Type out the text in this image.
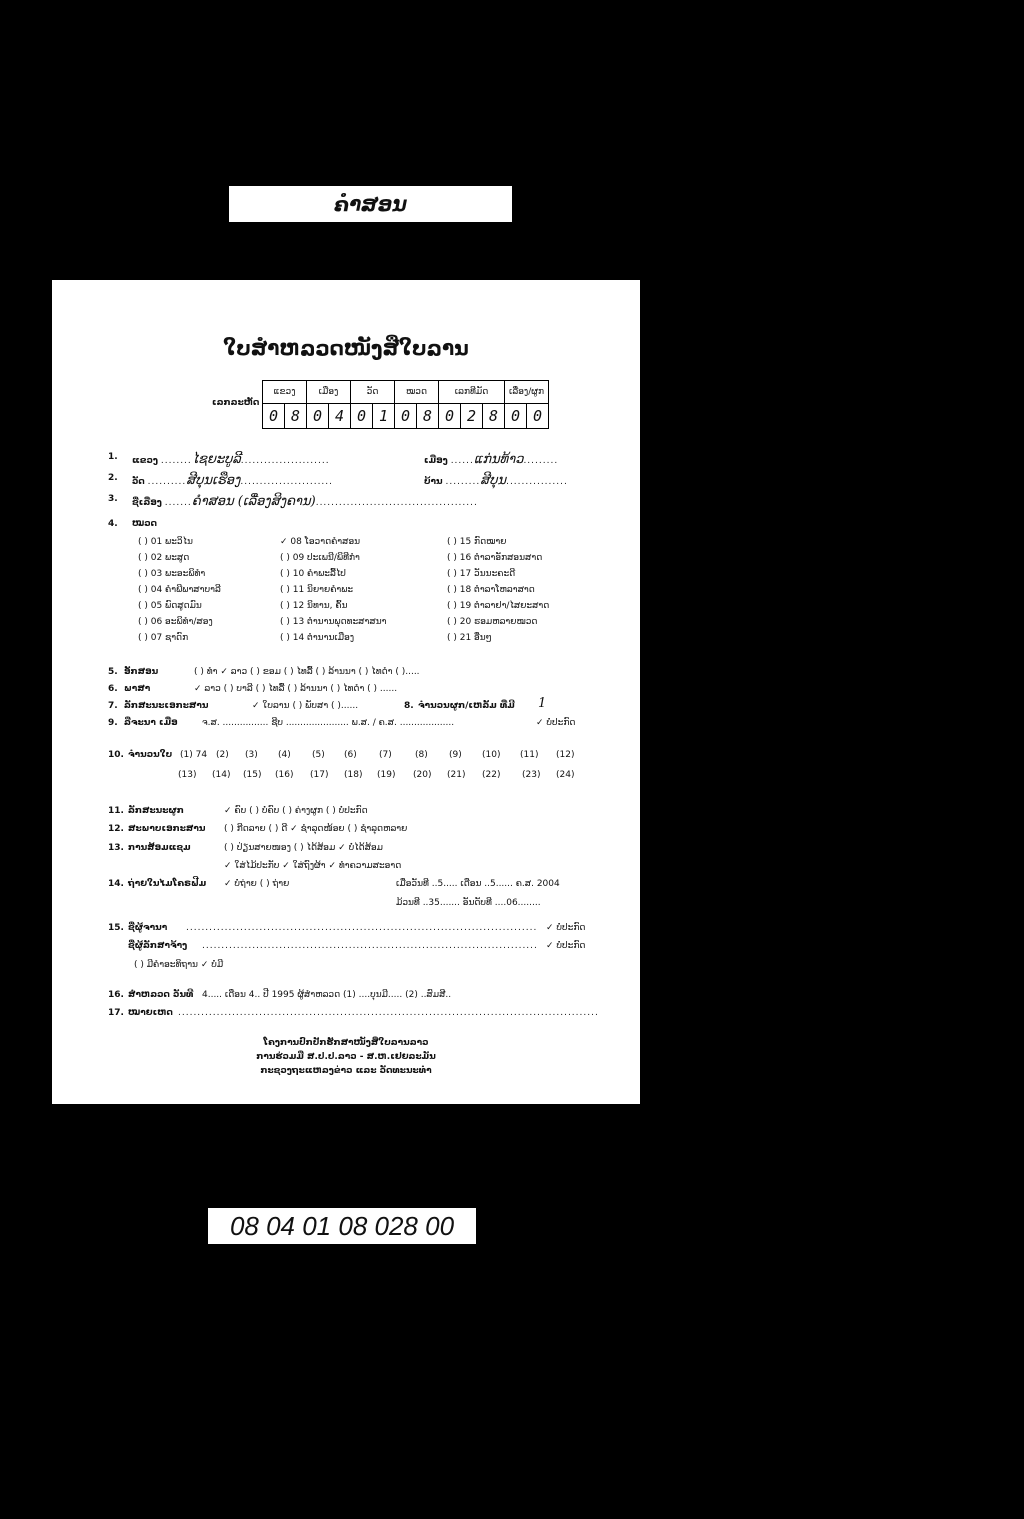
ຄຳສອນ
ໃບສຳຫລວດໜັງສືໃບລານ
ເລກລະຫັດ
ແຂວງ		ເມືອງ		ວັດ		ໝວດ		ເລກທີມັດ			ເລື່ອງ/ຜູກ	
0	8	0	4	0	1	0	8	0	2	8	0	0
1. ແຂວງ ........ໄຊຍະບູລີ.......................	ເມືອງ ......ແກ່ນທ້າວ.........
2. ວັດ ..........ສີບຸນເຮືອງ........................	ບ້ານ .........ສີບຸນ................
3. ຊື່ເລື່ອງ .......ຄຳສອນ (ເລື່ອງສິງຄານ)..........................................
4. ໝວດ
( ) 01 ພະວິໄນ	✓ 08 ໂອວາດຄຳສອນ	( ) 15 ກົດໝາຍ
( ) 02 ພະສູດ	( ) 09 ປະເພນີ/ພິທີກຳ	( ) 16 ຕຳລາອັກສອນສາດ
( ) 03 ພະອະພິທຳ	( ) 10 ຄຳພະລື້ໄປ	( ) 17 ວັນນະຄະດີ
( ) 04 ຄຳພີພາສາບາລີ	( ) 11 ນິຍາຍຄຳພະ	( ) 18 ຕຳລາໂຫລາສາດ
( ) 05 ພົດສູດມົນ	( ) 12 ນິທານ, ຄົ້ນ	( ) 19 ຕຳລາຢາ/ໄສຍະສາດ
( ) 06 ອະພິທຳ/ສອງ	( ) 13 ຕຳນານພຸດທະສາສນາ	( ) 20 ຮອມຫລາຍໝວດ
( ) 07 ຊາດົກ	( ) 14 ຕຳນານເມືອງ	( ) 21 ອື່ນໆ
5. ອັກສອນ	( ) ທຳ ✓ ລາວ ( ) ຂອມ ( ) ໄທລື້ ( ) ລ້ານນາ ( ) ໄທດຳ ( ).....
6. ພາສາ	✓ ລາວ ( ) ບາລີ ( ) ໄທລື້ ( ) ລ້ານນາ ( ) ໄທດຳ ( ) ......
7. ລັກສະນະເອກະສານ	✓ ໃບລານ ( ) ພັບສາ ( )......	8. ຈຳນວນຜູກ/ເຫລັ້ມ ທີ່ມີ 1
9. ລືຈະນາ ເມື່ອ	ຈ.ສ. ................ ຊີບ ...................... ພ.ສ. / ຄ.ສ. ...................	✓ ບໍ່ປະກົດ
10. ຈຳນວນໃບ (1) 74 (2) (3) (4) (5) (6) (7)	(8) (9) (10) (11) (12)
(13) (14) (15) (16) (17) (18) (19) (20) (21) (22) (23) (24)
11. ລັກສະນະຜູກ	✓ ຄົບ ( ) ບໍ່ຄົບ ( ) ຄ່າງຜູກ ( ) ບໍ່ປະກົດ
12. ສະພາບເອກະສານ ( ) ກີດລາຍ ( ) ດີ ✓ ຊຳລຸດໜ້ອຍ ( ) ຊຳລຸດຫລາຍ
13. ການສ້ອມແຊມ	( ) ປ່ຽນສາຍໜອງ ( ) ໄດ້ສ້ອມ ✓ ບໍ່ໄດ້ສ້ອມ
✓ ໃສ່ໄມ້ປະກັບ ✓ ໃສ່ຖົງຜ້າ ✓ ທຳຄວາມສະອາດ
14. ຖ່າຍໃນໄມໂຄຣຟີມ ✓ ບໍ່ຖ່າຍ ( ) ຖ່າຍ	ເມື່ອວັນທີ ..5..... ເດືອນ ..5...... ຄ.ສ. 2004
ມ້ວນທີ ..35....... ອັນດັບທີ ....06........
15. ຊື່ຜູ້ຈານາ ........................................................................................... ✓ ບໍ່ປະກົດ
ຊື່ຜູ້ລັກສາຈ້າງ ....................................................................................... ✓ ບໍ່ປະກົດ
( ) ມີຄຳອະທິຖານ ✓ ບໍ່ມີ
16. ສຳຫລວດ ວັນທີ 4..... ເດືອນ 4.. ປີ 1995 ຜູ້ສຳຫລວດ (1) ....ບຸນມີ..... (2) ..ສົມສີ..
17. ໝາຍເຫດ .............................................................................................................
ໂຄງການປົກປັກຮັກສາໜັງສືໃບລານລາວ
ການຮ່ວມມື ສ.ປ.ປ.ລາວ - ສ.ຫ.ເຢຍລະມັນ
ກະຊວງຖະແຫລງຂ່າວ ແລະ ວັດທະນະທຳ
08 04 01 08 028 00
